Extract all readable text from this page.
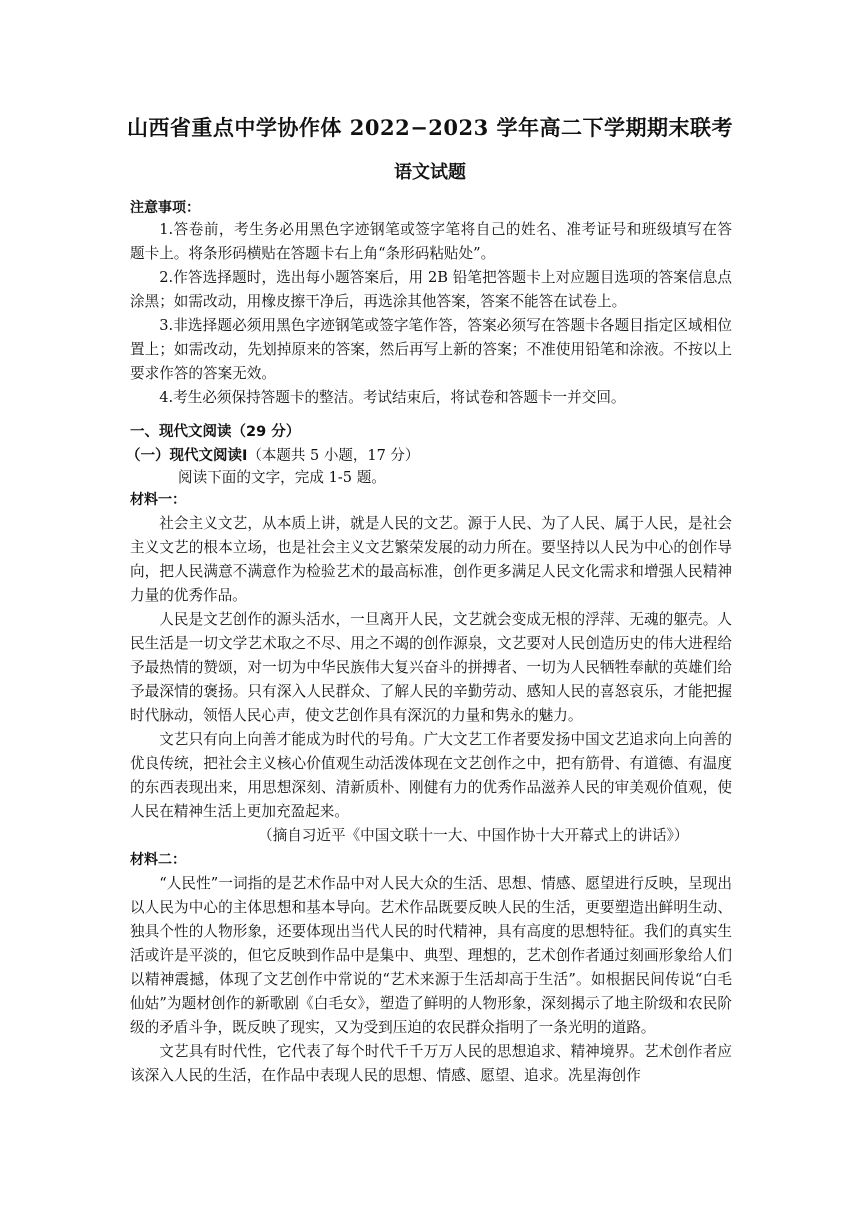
山西省重点中学协作体 2022−2023 学年高二下学期期末联考
语文试题
注意事项：

1.答卷前，考生务必用黑色字迹钢笔或签字笔将自己的姓名、准考证号和班级填写在答 题卡上。将条形码横贴在答题卡右上角“条形码粘贴处”。

2.作答选择题时，选出每小题答案后，用 2B 铅笔把答题卡上对应题目选项的答案信息点涂黑；如需改动，用橡皮擦干净后，再选涂其他答案，答案不能答在试卷上。

3.非选择题必须用黑色字迹钢笔或签字笔作答，答案必须写在答题卡各题目指定区域相位置上；如需改动，先划掉原来的答案，然后再写上新的答案；不准使用铅笔和涂液。不按以上要求作答的答案无效。

4.考生必须保持答题卡的整洁。考试结束后，将试卷和答题卡一并交回。

一、现代文阅读（29 分）
（一）现代文阅读Ⅰ（本题共 5 小题，17 分）
阅读下面的文字，完成 1-5 题。
材料一：

社会主义文艺，从本质上讲，就是人民的文艺。源于人民、为了人民、属于人民，是社会主义文艺的根本立场，也是社会主义文艺繁荣发展的动力所在。要坚持以人民为中心的创作导向，把人民满意不满意作为检验艺术的最高标准，创作更多满足人民文化需求和增强人民精神力量的优秀作品。

人民是文艺创作的源头活水，一旦离开人民，文艺就会变成无根的浮萍、无魂的躯壳。人民生活是一切文学艺术取之不尽、用之不竭的创作源泉，文艺要对人民创造历史的伟大进程给予最热情的赞颂，对一切为中华民族伟大复兴奋斗的拼搏者、一切为人民牺牲奉献的英雄们给予最深情的褒扬。只有深入人民群众、了解人民的辛勤劳动、感知人民的喜怒哀乐，才能把握时代脉动，领悟人民心声，使文艺创作具有深沉的力量和隽永的魅力。

文艺只有向上向善才能成为时代的号角。广大文艺工作者要发扬中国文艺追求向上向善的优良传统，把社会主义核心价值观生动活泼体现在文艺创作之中，把有筋骨、有道德、有温度的东西表现出来，用思想深刻、清新质朴、刚健有力的优秀作品滋养人民的审美观价值观，使人民在精神生活上更加充盈起来。

（摘自习近平《中国文联十一大、中国作协十大开幕式上的讲话》）
材料二：

“人民性”一词指的是艺术作品中对人民大众的生活、思想、情感、愿望进行反映，呈现出以人民为中心的主体思想和基本导向。艺术作品既要反映人民的生活，更要塑造出鲜明生动、独具个性的人物形象，还要体现出当代人民的时代精神，具有高度的思想特征。我们的真实生活或许是平淡的，但它反映到作品中是集中、典型、理想的，艺术创作者通过刻画形象给人们以精神震撼，体现了文艺创作中常说的“艺术来源于生活却高于生活”。如根据民间传说“白毛仙姑”为题材创作的新歌剧《白毛女》，塑造了鲜明的人物形象，深刻揭示了地主阶级和农民阶级的矛盾斗争，既反映了现实，又为受到压迫的农民群众指明了一条光明的道路。

文艺具有时代性，它代表了每个时代千千万万人民的思想追求、精神境界。艺术创作者应该深入人民的生活，在作品中表现人民的思想、情感、愿望、追求。冼星海创作
